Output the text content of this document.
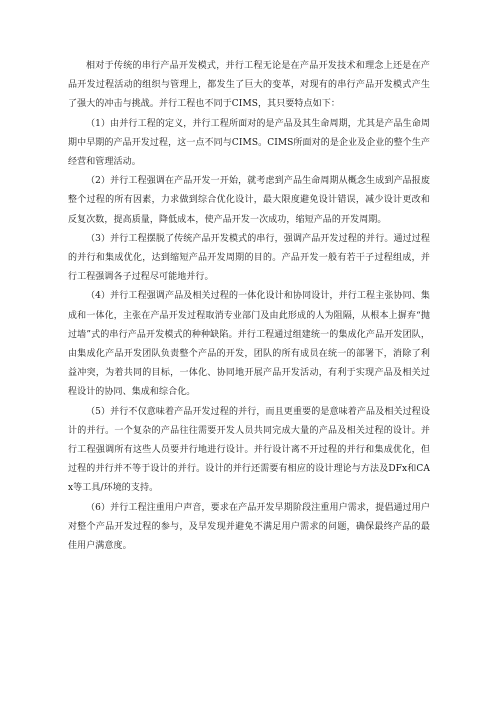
相对于传统的串行产品开发模式，并行工程无论是在产品开发技术和理念上还是在产品开发过程活动的组织与管理上，都发生了巨大的变革，对现有的串行产品开发模式产生了强大的冲击与挑战。并行工程也不同于CIMS，其只要特点如下：

（1）由并行工程的定义，并行工程所面对的是产品及其生命周期，尤其是产品生命周期中早期的产品开发过程，这一点不同与CIMS。CIMS所面对的是企业及企业的整个生产经营和管理活动。

（2）并行工程强调在产品开发一开始，就考虑到产品生命周期从概念生成到产品报废整个过程的所有因素，力求做到综合优化设计，最大限度避免设计错误，减少设计更改和反复次数，提高质量，降低成本，使产品开发一次成功，缩短产品的开发周期。

（3）并行工程摆脱了传统产品开发模式的串行，强调产品开发过程的并行。通过过程的并行和集成优化，达到缩短产品开发周期的目的。产品开发一般有若干子过程组成，并行工程强调各子过程尽可能地并行。

（4）并行工程强调产品及相关过程的一体化设计和协同设计，并行工程主张协同、集成和一体化，主张在产品开发过程取消专业部门及由此形成的人为阻隔，从根本上摒弃“抛过墙”式的串行产品开发模式的种种缺陷。并行工程通过组建统一的集成化产品开发团队，由集成化产品开发团队负责整个产品的开发，团队的所有成员在统一的部署下，消除了利益冲突，为着共同的目标，一体化、协同地开展产品开发活动，有利于实现产品及相关过程设计的协同、集成和综合化。

（5）并行不仅意味着产品开发过程的并行，而且更重要的是意味着产品及相关过程设计的并行。一个复杂的产品往往需要开发人员共同完成大量的产品及相关过程的设计。并行工程强调所有这些人员要并行地进行设计。并行设计离不开过程的并行和集成优化，但过程的并行并不等于设计的并行。设计的并行还需要有相应的设计理论与方法及DFx和CAx等工具/环境的支持。

（6）并行工程注重用户声音，要求在产品开发早期阶段注重用户需求，提倡通过用户对整个产品开发过程的参与，及早发现并避免不满足用户需求的问题，确保最终产品的最佳用户满意度。
